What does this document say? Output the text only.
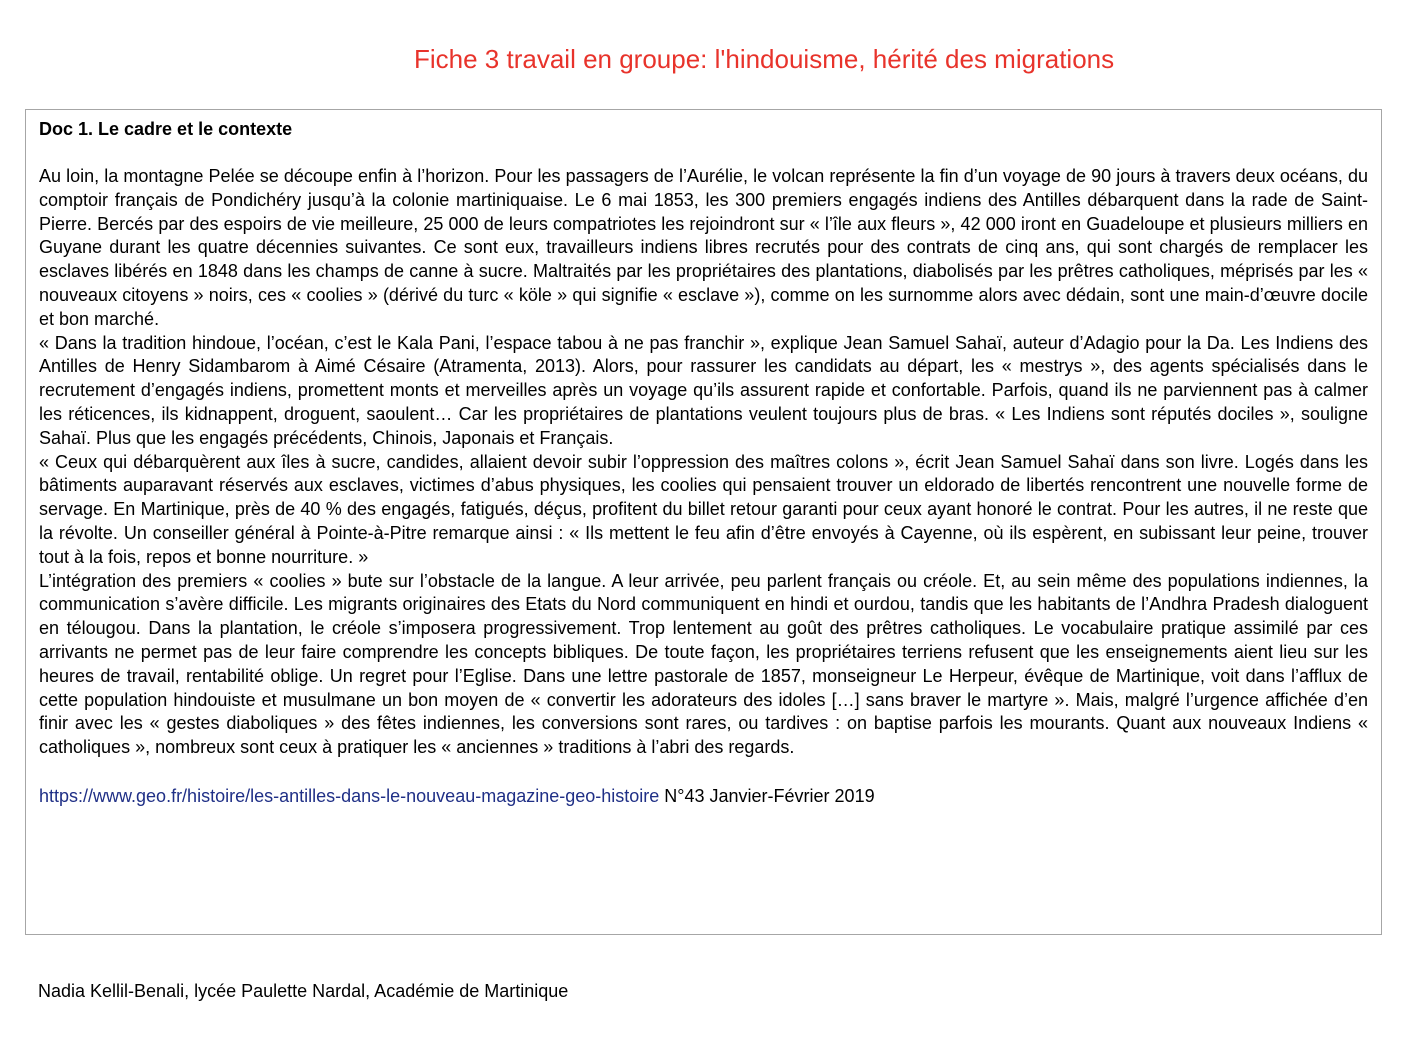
Fiche 3 travail en groupe: l'hindouisme, hérité des migrations
Doc 1. Le cadre et le contexte

Au loin, la montagne Pelée se découpe enfin à l’horizon. Pour les passagers de l’Aurélie, le volcan représente la fin d’un voyage de 90 jours à travers deux océans, du comptoir français de Pondichéry jusqu’à la colonie martiniquaise. Le 6 mai 1853, les 300 premiers engagés indiens des Antilles débarquent dans la rade de Saint-Pierre. Bercés par des espoirs de vie meilleure, 25 000 de leurs compatriotes les rejoindront sur « l’île aux fleurs », 42 000 iront en Guadeloupe et plusieurs milliers en Guyane durant les quatre décennies suivantes. Ce sont eux, travailleurs indiens libres recrutés pour des contrats de cinq ans, qui sont chargés de remplacer les esclaves libérés en 1848 dans les champs de canne à sucre. Maltraités par les propriétaires des plantations, diabolisés par les prêtres catholiques, méprisés par les « nouveaux citoyens » noirs, ces « coolies » (dérivé du turc « köle » qui signifie « esclave »), comme on les surnomme alors avec dédain, sont une main-d’œuvre docile et bon marché.

« Dans la tradition hindoue, l’océan, c’est le Kala Pani, l’espace tabou à ne pas franchir », explique Jean Samuel Sahaï, auteur d’Adagio pour la Da. Les Indiens des Antilles de Henry Sidambarom à Aimé Césaire (Atramenta, 2013). Alors, pour rassurer les candidats au départ, les « mestrys », des agents spécialisés dans le recrutement d’engagés indiens, promettent monts et merveilles après un voyage qu’ils assurent rapide et confortable. Parfois, quand ils ne parviennent pas à calmer les réticences, ils kidnappent, droguent, saoulent… Car les propriétaires de plantations veulent toujours plus de bras. « Les Indiens sont réputés dociles », souligne Sahaï. Plus que les engagés précédents, Chinois, Japonais et Français.

« Ceux qui débarquèrent aux îles à sucre, candides, allaient devoir subir l’oppression des maîtres colons », écrit Jean Samuel Sahaï dans son livre. Logés dans les bâtiments auparavant réservés aux esclaves, victimes d’abus physiques, les coolies qui pensaient trouver un eldorado de libertés rencontrent une nouvelle forme de servage. En Martinique, près de 40 % des engagés, fatigués, déçus, profitent du billet retour garanti pour ceux ayant honoré le contrat. Pour les autres, il ne reste que la révolte. Un conseiller général à Pointe-à-Pitre remarque ainsi : « Ils mettent le feu afin d’être envoyés à Cayenne, où ils espèrent, en subissant leur peine, trouver tout à la fois, repos et bonne nourriture. »

L’intégration des premiers « coolies » bute sur l’obstacle de la langue. A leur arrivée, peu parlent français ou créole. Et, au sein même des populations indiennes, la communication s’avère difficile. Les migrants originaires des Etats du Nord communiquent en hindi et ourdou, tandis que les habitants de l’Andhra Pradesh dialoguent en télougou. Dans la plantation, le créole s’imposera progressivement. Trop lentement au goût des prêtres catholiques. Le vocabulaire pratique assimilé par ces arrivants ne permet pas de leur faire comprendre les concepts bibliques. De toute façon, les propriétaires terriens refusent que les enseignements aient lieu sur les heures de travail, rentabilité oblige. Un regret pour l’Eglise. Dans une lettre pastorale de 1857, monseigneur Le Herpeur, évêque de Martinique, voit dans l’afflux de cette population hindouiste et musulmane un bon moyen de « convertir les adorateurs des idoles […] sans braver le martyre ». Mais, malgré l’urgence affichée d’en finir avec les « gestes diaboliques » des fêtes indiennes, les conversions sont rares, ou tardives : on baptise parfois les mourants. Quant aux nouveaux Indiens « catholiques », nombreux sont ceux à pratiquer les « anciennes » traditions à l’abri des regards.

https://www.geo.fr/histoire/les-antilles-dans-le-nouveau-magazine-geo-histoire N°43 Janvier-Février 2019
Nadia Kellil-Benali, lycée Paulette Nardal, Académie de Martinique
